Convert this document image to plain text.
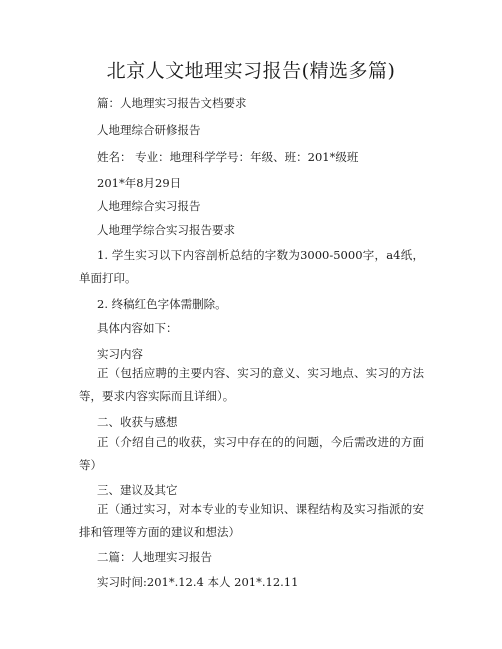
北京人文地理实习报告(精选多篇)
篇：人地理实习报告文档要求
人地理综合研修报告
姓名： 专业：地理科学学号：年级、班：201*级班
201*年8月29日
人地理综合实习报告
人地理学综合实习报告要求
1. 学生实习以下内容剖析总结的字数为3000-5000字，a4纸，单面打印。
2. 终稿红色字体需删除。
具体内容如下：
实习内容
正（包括应聘的主要内容、实习的意义、实习地点、实习的方法等，要求内容实际而且详细）。
二、收获与感想
正（介绍自己的收获，实习中存在的的问题，今后需改进的方面等）
三、建议及其它
正（通过实习，对本专业的专业知识、课程结构及实习指派的安排和管理等方面的建议和想法）
二篇：人地理实习报告
实习时间:201*.12.4 本人 201*.12.11
